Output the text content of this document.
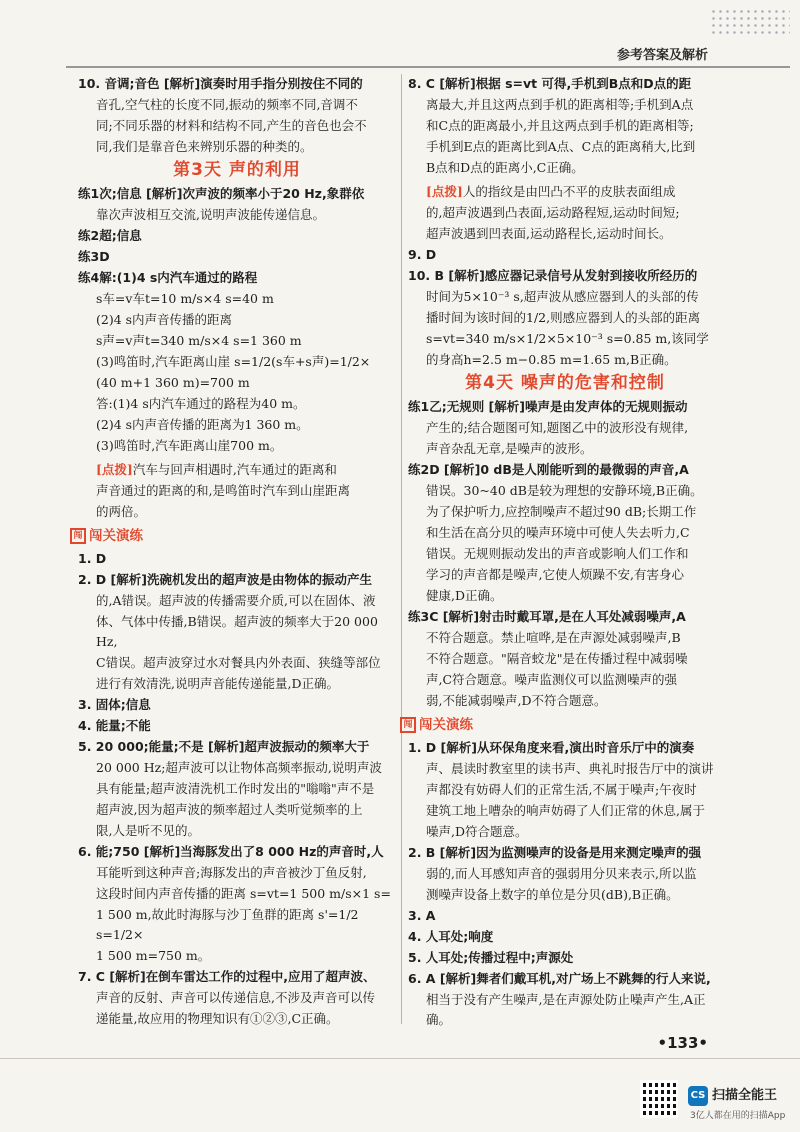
参考答案及解析
10. 音调;音色 [解析]演奏时用手指分别按住不同的
音孔,空气柱的长度不同,振动的频率不同,音调不
同;不同乐器的材料和结构不同,产生的音色也会不
同,我们是靠音色来辨别乐器的种类的。
第3天 声的利用
练1次;信息 [解析]次声波的频率小于20 Hz,象群依
靠次声波相互交流,说明声波能传递信息。
练2超;信息
练3D
练4解:(1)4 s内汽车通过的路程
s车=v车t=10 m/s×4 s=40 m
(2)4 s内声音传播的距离
s声=v声t=340 m/s×4 s=1 360 m
(3)鸣笛时,汽车距离山崖 s=1/2(s车+s声)=1/2×
(40 m+1 360 m)=700 m
答:(1)4 s内汽车通过的路程为40 m。
(2)4 s内声音传播的距离为1 360 m。
(3)鸣笛时,汽车距离山崖700 m。
[点拨]汽车与回声相遇时,汽车通过的距离和
声音通过的距离的和,是鸣笛时汽车到山崖距离
的两倍。
闯 闯关演练
1. D
2. D [解析]洗碗机发出的超声波是由物体的振动产生
的,A错误。超声波的传播需要介质,可以在固体、液
体、气体中传播,B错误。超声波的频率大于20 000 Hz,
C错误。超声波穿过水对餐具内外表面、狭缝等部位
进行有效清洗,说明声音能传递能量,D正确。
3. 固体;信息
4. 能量;不能
5. 20 000;能量;不是 [解析]超声波振动的频率大于
20 000 Hz;超声波可以让物体高频率振动,说明声波
具有能量;超声波清洗机工作时发出的"嗡嗡"声不是
超声波,因为超声波的频率超过人类听觉频率的上
限,人是听不见的。
6. 能;750 [解析]当海豚发出了8 000 Hz的声音时,人
耳能听到这种声音;海豚发出的声音被沙丁鱼反射,
这段时间内声音传播的距离 s=vt=1 500 m/s×1 s=
1 500 m,故此时海豚与沙丁鱼群的距离 s'=1/2 s=1/2×
1 500 m=750 m。
7. C [解析]在倒车雷达工作的过程中,应用了超声波、
声音的反射、声音可以传递信息,不涉及声音可以传
递能量,故应用的物理知识有①②③,C正确。
8. C [解析]根据 s=vt 可得,手机到B点和D点的距
离最大,并且这两点到手机的距离相等;手机到A点
和C点的距离最小,并且这两点到手机的距离相等;
手机到E点的距离比到A点、C点的距离稍大,比到
B点和D点的距离小,C正确。
[点拨]人的指纹是由凹凸不平的皮肤表面组成
的,超声波遇到凸表面,运动路程短,运动时间短;
超声波遇到凹表面,运动路程长,运动时间长。
9. D
10. B [解析]感应器记录信号从发射到接收所经历的
时间为5×10⁻³ s,超声波从感应器到人的头部的传
播时间为该时间的1/2,则感应器到人的头部的距离
s=vt=340 m/s×1/2×5×10⁻³ s=0.85 m,该同学
的身高h=2.5 m−0.85 m=1.65 m,B正确。
第4天 噪声的危害和控制
练1乙;无规则 [解析]噪声是由发声体的无规则振动
产生的;结合题图可知,题图乙中的波形没有规律,
声音杂乱无章,是噪声的波形。
练2D [解析]0 dB是人刚能听到的最微弱的声音,A
错误。30~40 dB是较为理想的安静环境,B正确。
为了保护听力,应控制噪声不超过90 dB;长期工作
和生活在高分贝的噪声环境中可使人失去听力,C
错误。无规则振动发出的声音或影响人们工作和
学习的声音都是噪声,它使人烦躁不安,有害身心
健康,D正确。
练3C [解析]射击时戴耳罩,是在人耳处减弱噪声,A
不符合题意。禁止喧哗,是在声源处减弱噪声,B
不符合题意。"隔音蛟龙"是在传播过程中减弱噪
声,C符合题意。噪声监测仪可以监测噪声的强
弱,不能减弱噪声,D不符合题意。
闯 闯关演练
1. D [解析]从环保角度来看,演出时音乐厅中的演奏
声、晨读时教室里的读书声、典礼时报告厅中的演讲
声都没有妨碍人们的正常生活,不属于噪声;午夜时
建筑工地上嘈杂的响声妨碍了人们正常的休息,属于
噪声,D符合题意。
2. B [解析]因为监测噪声的设备是用来测定噪声的强
弱的,而人耳感知声音的强弱用分贝来表示,所以监
测噪声设备上数字的单位是分贝(dB),B正确。
3. A
4. 人耳处;响度
5. 人耳处;传播过程中;声源处
6. A [解析]舞者们戴耳机,对广场上不跳舞的行人来说,
相当于没有产生噪声,是在声源处防止噪声产生,A正确。
•133•
CS 扫描全能王
3亿人都在用的扫描App
